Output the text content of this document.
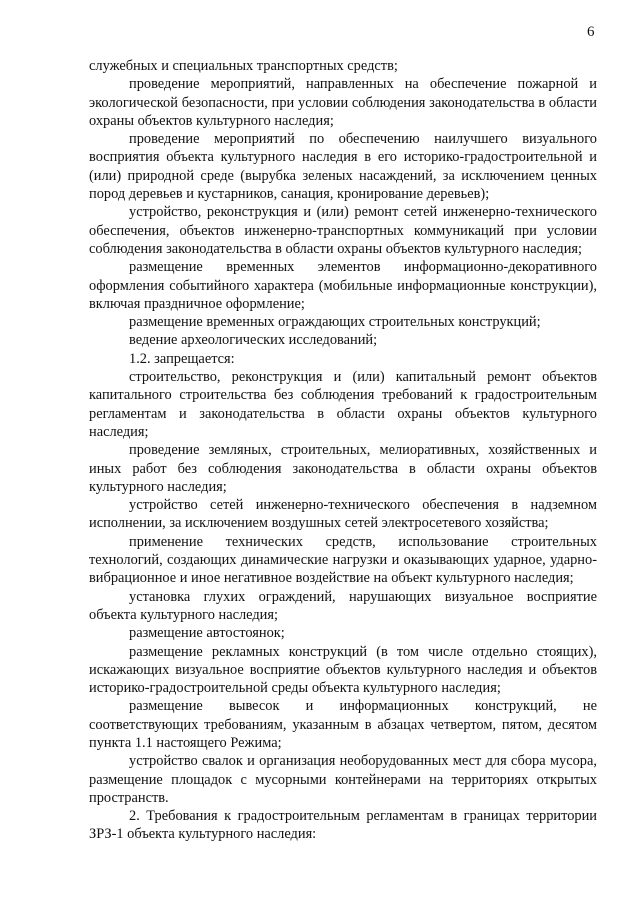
6

служебных и специальных транспортных средств;

проведение мероприятий, направленных на обеспечение пожарной и экологической безопасности, при условии соблюдения законодательства в области охраны объектов культурного наследия;

проведение мероприятий по обеспечению наилучшего визуального восприятия объекта культурного наследия в его историко-градостроительной и (или) природной среде (вырубка зеленых насаждений, за исключением ценных пород деревьев и кустарников, санация, кронирование деревьев);

устройство, реконструкция и (или) ремонт сетей инженерно-технического обеспечения, объектов инженерно-транспортных коммуникаций при условии соблюдения законодательства в области охраны объектов культурного наследия;

размещение временных элементов информационно-декоративного оформления событийного характера (мобильные информационные конструкции), включая праздничное оформление;

размещение временных ограждающих строительных конструкций;

ведение археологических исследований;

1.2. запрещается:

строительство, реконструкция и (или) капитальный ремонт объектов капитального строительства без соблюдения требований к градостроительным регламентам и законодательства в области охраны объектов культурного наследия;

проведение земляных, строительных, мелиоративных, хозяйственных и иных работ без соблюдения законодательства в области охраны объектов культурного наследия;

устройство сетей инженерно-технического обеспечения в надземном исполнении, за исключением воздушных сетей электросетевого хозяйства;

применение технических средств, использование строительных технологий, создающих динамические нагрузки и оказывающих ударное, ударно-вибрационное и иное негативное воздействие на объект культурного наследия;

установка глухих ограждений, нарушающих визуальное восприятие объекта культурного наследия;

размещение автостоянок;

размещение рекламных конструкций (в том числе отдельно стоящих), искажающих визуальное восприятие объектов культурного наследия и объектов историко-градостроительной среды объекта культурного наследия;

размещение вывесок и информационных конструкций, не соответствующих требованиям, указанным в абзацах четвертом, пятом, десятом пункта 1.1 настоящего Режима;

устройство свалок и организация необорудованных мест для сбора мусора, размещение площадок с мусорными контейнерами на территориях открытых пространств.

2. Требования к градостроительным регламентам в границах территории ЗРЗ-1 объекта культурного наследия:
